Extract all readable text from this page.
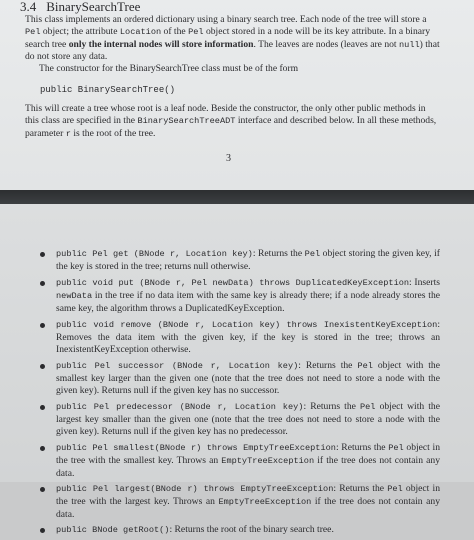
3.4 BinarySearchTree

This class implements an ordered dictionary using a binary search tree. Each node of the tree will store a Pel object; the attribute Location of the Pel object stored in a node will be its key attribute. In a binary search tree only the internal nodes will store information. The leaves are nodes (leaves are not null) that do not store any data.

The constructor for the BinarySearchTree class must be of the form

public BinarySearchTree()
This will create a tree whose root is a leaf node. Beside the constructor, the only other public methods in this class are specified in the BinarySearchTreeADT interface and described below. In all these methods, parameter r is the root of the tree.
3
public Pel get (BNode r, Location key): Returns the Pel object storing the given key, if the key is stored in the tree; returns null otherwise.
public void put (BNode r, Pel newData) throws DuplicatedKeyException: Inserts newData in the tree if no data item with the same key is already there; if a node already stores the same key, the algorithm throws a DuplicatedKeyException.
public void remove (BNode r, Location key) throws InexistentKeyException: Removes the data item with the given key, if the key is stored in the tree; throws an InexistentKeyException otherwise.
public Pel successor (BNode r, Location key): Returns the Pel object with the smallest key larger than the given one (note that the tree does not need to store a node with the given key). Returns null if the given key has no successor.
public Pel predecessor (BNode r, Location key): Returns the Pel object with the largest key smaller than the given one (note that the tree does not need to store a node with the given key). Returns null if the given key has no predecessor.
public Pel smallest(BNode r) throws EmptyTreeException: Returns the Pel object in the tree with the smallest key. Throws an EmptyTreeException if the tree does not contain any data.
public Pel largest(BNode r) throws EmptyTreeException: Returns the Pel object in the tree with the largest key. Throws an EmptyTreeException if the tree does not contain any data.
public BNode getRoot(): Returns the root of the binary search tree.
